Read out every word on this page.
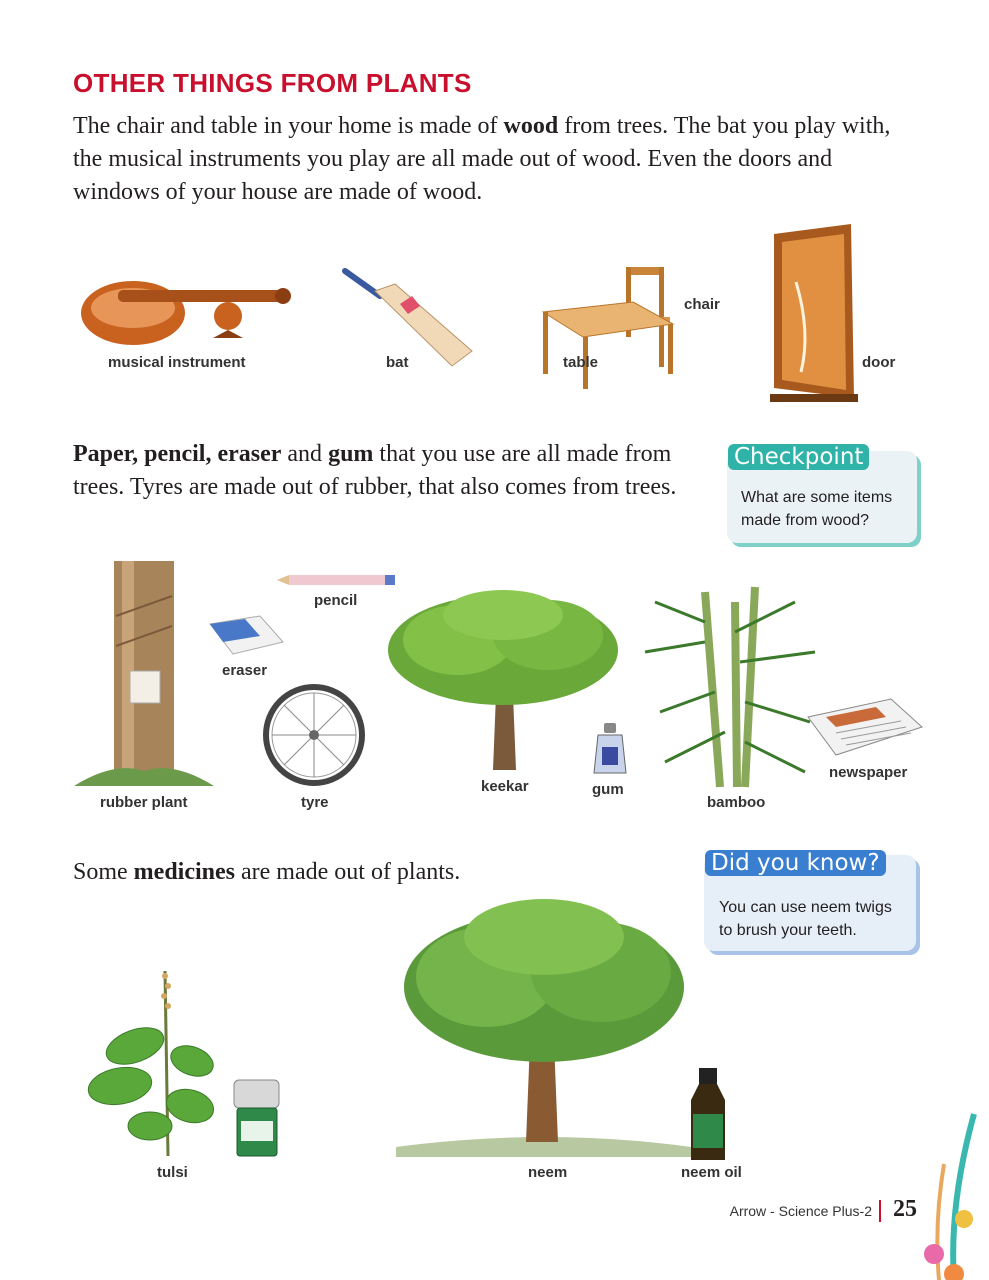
OTHER THINGS FROM PLANTS
The chair and table in your home is made of wood from trees. The bat you play with, the musical instruments you play are all made out of wood. Even the doors and windows of your house are made of wood.
musical instrument	bat	table
chair
door
Paper, pencil, eraser and gum that you use are all made from trees. Tyres are made out of rubber, that also comes from trees.
Checkpoint
What are some items made from wood?
rubber plant
pencil
eraser
tyre
keekar	gum
bamboo
newspaper
Some medicines are made out of plants.	Did you know?
You can use neem twigs to brush your teeth.
tulsi	neem	neem oil
Arrow - Science Plus-2 25
